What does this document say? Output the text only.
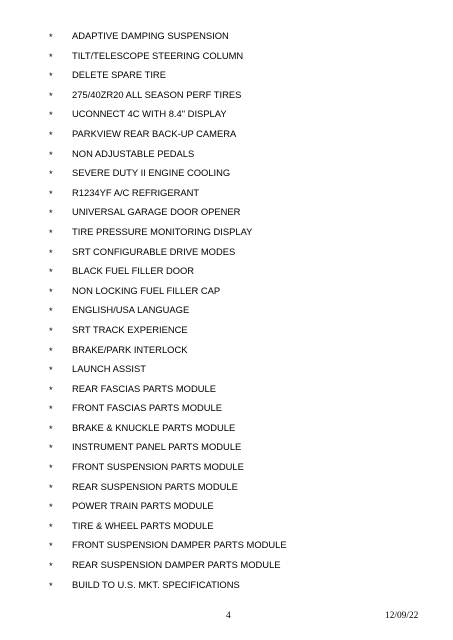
* ADAPTIVE DAMPING SUSPENSION
* TILT/TELESCOPE STEERING COLUMN
* DELETE SPARE TIRE
* 275/40ZR20 ALL SEASON PERF TIRES
* UCONNECT 4C WITH 8.4" DISPLAY
* PARKVIEW REAR BACK-UP CAMERA
* NON ADJUSTABLE PEDALS
* SEVERE DUTY II ENGINE COOLING
* R1234YF A/C REFRIGERANT
* UNIVERSAL GARAGE DOOR OPENER
* TIRE PRESSURE MONITORING DISPLAY
* SRT CONFIGURABLE DRIVE MODES
* BLACK FUEL FILLER DOOR
* NON LOCKING FUEL FILLER CAP
* ENGLISH/USA LANGUAGE
* SRT TRACK EXPERIENCE
* BRAKE/PARK INTERLOCK
* LAUNCH ASSIST
* REAR FASCIAS PARTS MODULE
* FRONT FASCIAS PARTS MODULE
* BRAKE & KNUCKLE PARTS MODULE
* INSTRUMENT PANEL PARTS MODULE
* FRONT SUSPENSION PARTS MODULE
* REAR SUSPENSION PARTS MODULE
* POWER TRAIN PARTS MODULE
* TIRE & WHEEL PARTS MODULE
* FRONT SUSPENSION DAMPER PARTS MODULE
* REAR SUSPENSION DAMPER PARTS MODULE
* BUILD TO U.S. MKT. SPECIFICATIONS
4	12/09/22
